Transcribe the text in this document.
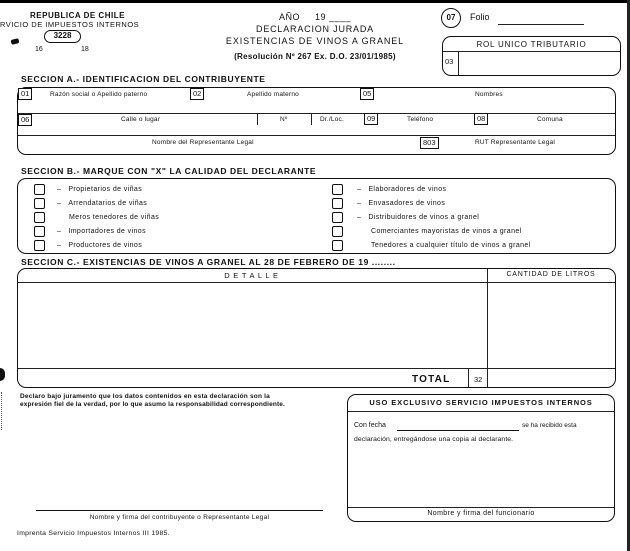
REPUBLICA DE CHILE
RVICIO DE IMPUESTOS INTERNOS
3228
16	18
AÑO 19 ____
DECLARACION JURADA
EXISTENCIAS DE VINOS A GRANEL
(Resolución Nº 267 Ex. D.O. 23/01/1985)
07	Folio
ROL UNICO TRIBUTARIO
03
SECCION A.- IDENTIFICACION DEL CONTRIBUYENTE
01	Razón social o Apellido paterno	02	Apellido materno	05	Nombres
06	Calle o lugar	Nº	Dr./Loc.	09	Teléfono	08	Comuna
Nombre del Representante Legal	803	RUT Representante Legal
SECCION B.- MARQUE CON "X" LA CALIDAD DEL DECLARANTE
– Propietarios de viñas
– Arrendatarios de viñas
Meros tenedores de viñas
– Importadores de vinos
– Productores de vinos
– Elaboradores de vinos
– Envasadores de vinos
– Distribuidores de vinos a granel
Comerciantes mayoristas de vinos a granel
Tenedores a cualquier título de vinos a granel
SECCION C.- EXISTENCIAS DE VINOS A GRANEL AL 28 DE FEBRERO DE 19 ........
D E T A L L E	CANTIDAD DE LITROS
TOTAL	32
Declaro bajo juramento que los datos contenidos en esta declaración son la
expresión fiel de la verdad, por lo que asumo la responsabilidad correspondiente.
Nombre y firma del contribuyente o Representante Legal
Imprenta Servicio Impuestos Internos III 1985.
USO EXCLUSIVO SERVICIO IMPUESTOS INTERNOS
Con fecha	se ha recibido esta
declaración, entregándose una copia al declarante.
Nombre y firma del funcionario
